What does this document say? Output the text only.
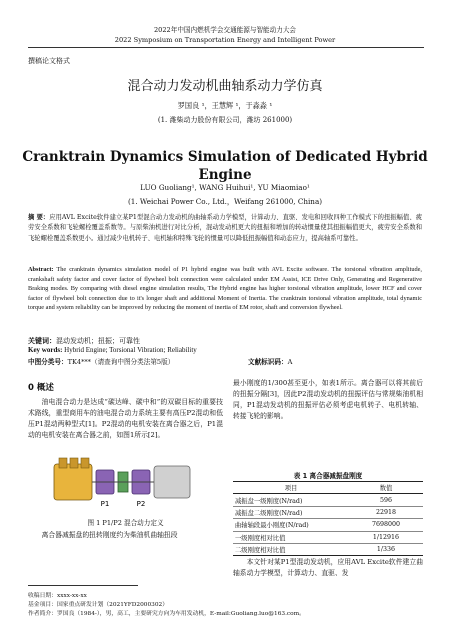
2022年中国内燃机学会交通能源与智能动力大会
2022 Symposium on Transportation Energy and Intelligent Power
撰稿论文格式
混合动力发动机曲轴系动力学仿真
罗国良 ¹，王慧辉 ¹，于淼淼 ¹
(1. 潍柴动力股份有限公司，潍坊 261000)
Cranktrain Dynamics Simulation of Dedicated Hybrid
Engine
LUO Guoliang¹, WANG Huihui¹, YU Miaomiao¹
(1. Weichai Power Co., Ltd.，Weifang 261000, China)
摘 要：应用AVL Excite软件建立某P1型混合动力发动机的曲轴系动力学模型，计算动力、直驱、发电和回收四种工作模式下的扭振幅值、疲劳安全系数和飞轮螺栓覆盖系数等。与原柴油机进行对比分析，混动发动机更大的扭振和增加的转动惯量使其扭振幅值更大，疲劳安全系数和飞轮螺栓覆盖系数更小。通过减少电机转子、电机轴和特殊飞轮的惯量可以降低扭振幅值和动态应力，提高轴系可靠性。
Abstract: The cranktrain dynamics simulation model of P1 hybrid engine was built with AVL Excite software. The torsional vibration amplitude, crankshaft safety factor and cover factor of flywheel bolt connection were calculated under EM Assist, ICE Drive Only, Generating and Regenerative Braking modes. By comparing with diesel engine simulation results, The Hybrid engine has higher torsional vibration amplitude, lower HCF and cover factor of flywheel bolt connection due to it's longer shaft and additional Moment of Inertia. The cranktrain torsional vibration amplitude, total dynamic torque and system reliability can be improved by reducing the moment of inertia of EM rotor, shaft and conversion flywheel.
关键词：混动发动机；扭振；可靠性
Key words: Hybrid Engine; Torsional Vibration; Reliability
中图分类号：TK4***（请查询中图分类法第5版）	文献标识码：A
0 概述
油电混合动力是达成“碳达峰、碳中和”的双碳目标的重要技术路线，重型商用车的油电混合动力系统主要有高压P2混动和低压P1混动两种型式[1]。P2混动的电机安装在离合器之后，P1混动的电机安装在离合器之前，如图1所示[2]。
P1	P2
图 1 P1/P2 混合动力定义
离合器减振盘的扭转刚度约为柴油机曲轴扭段
最小刚度的1/300甚至更小，如表1所示。离合器可以将其前后的扭振分隔[3]，因此P2混动发动机的扭振评估与常规柴油机相同，P1混动发动机的扭振评估必须考虑电机转子、电机转轴、转接飞轮的影响。
表 1 离合器减振盘刚度
项目	数值
减振盘一级刚度(N/rad)	596
减振盘二级刚度(N/rad)	22918
曲轴轴段最小刚度(N/rad)	7698000
一级刚度相对比值	1/12916
二级刚度相对比值	1/336
本文针对某P1型混动发动机，应用AVL Excite软件建立曲轴系动力学模型，计算动力、直驱、发
收稿日期：xxxx-xx-xx
基金项目：国家重点研发计划（2021YFD2000302）
作者简介：罗国良（1984-），男，高工，主要研究方向为车用发动机，E-mail:Guoliang.luo@163.com。
